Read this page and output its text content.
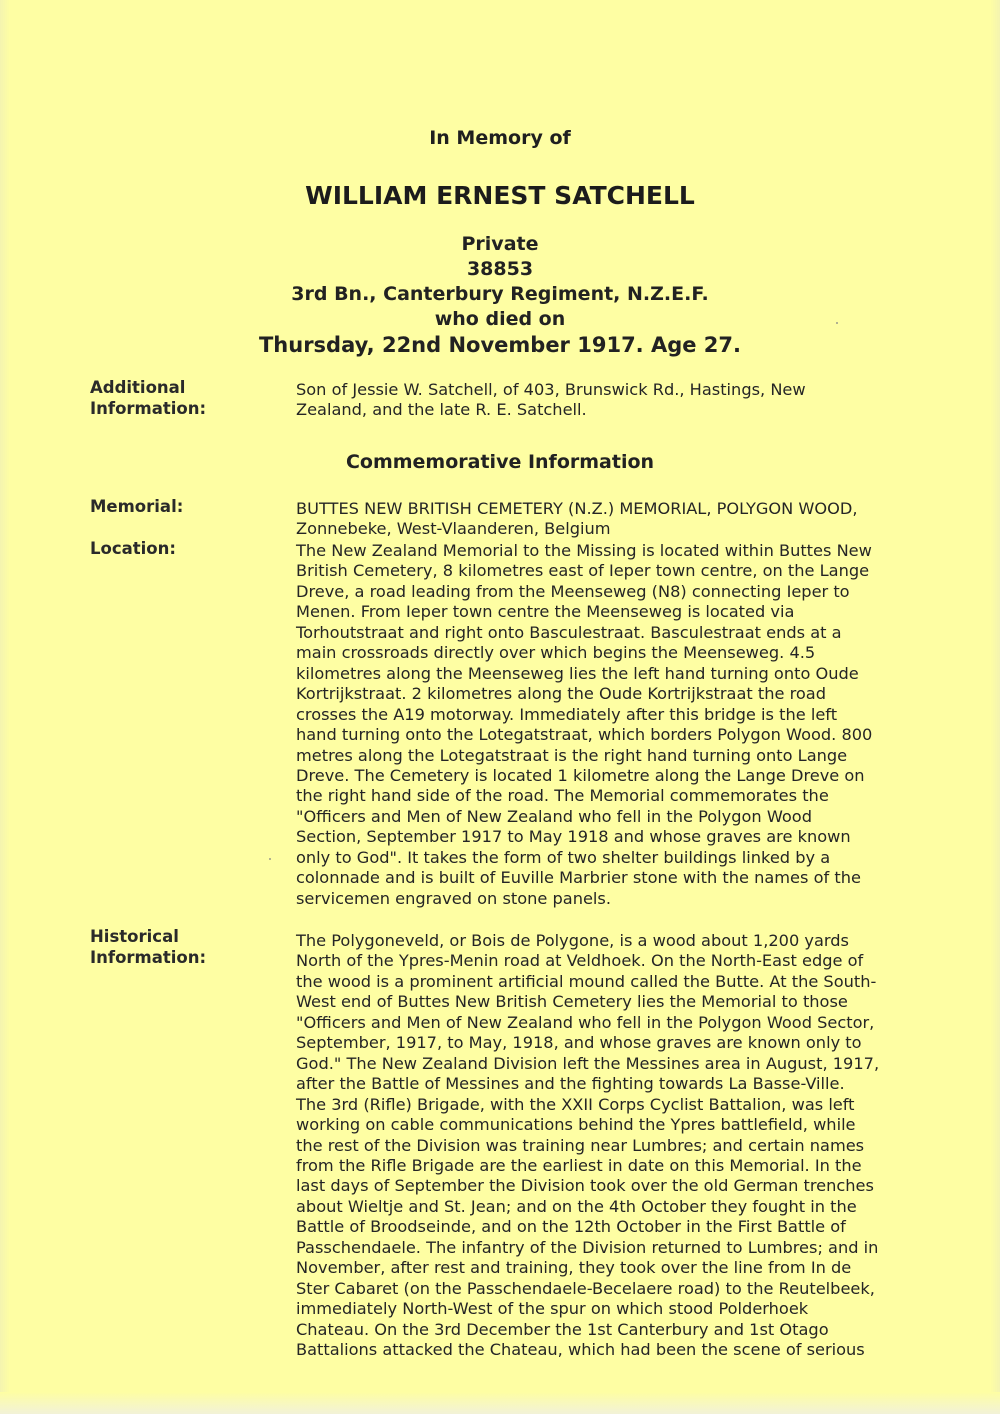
In Memory of

WILLIAM ERNEST SATCHELL

Private
38853
3rd Bn., Canterbury Regiment, N.Z.E.F.
who died on
Thursday, 22nd November 1917. Age 27.
Additional
Information:
Son of Jessie W. Satchell, of 403, Brunswick Rd., Hastings, New
Zealand, and the late R. E. Satchell.
Commemorative Information
Memorial:	BUTTES NEW BRITISH CEMETERY (N.Z.) MEMORIAL, POLYGON WOOD,
Zonnebeke, West-Vlaanderen, Belgium
Location:	The New Zealand Memorial to the Missing is located within Buttes New
British Cemetery, 8 kilometres east of Ieper town centre, on the Lange
Dreve, a road leading from the Meenseweg (N8) connecting Ieper to
Menen. From Ieper town centre the Meenseweg is located via
Torhoutstraat and right onto Basculestraat. Basculestraat ends at a
main crossroads directly over which begins the Meenseweg. 4.5
kilometres along the Meenseweg lies the left hand turning onto Oude
Kortrijkstraat. 2 kilometres along the Oude Kortrijkstraat the road
crosses the A19 motorway. Immediately after this bridge is the left
hand turning onto the Lotegatstraat, which borders Polygon Wood. 800
metres along the Lotegatstraat is the right hand turning onto Lange
Dreve. The Cemetery is located 1 kilometre along the Lange Dreve on
the right hand side of the road. The Memorial commemorates the
"Officers and Men of New Zealand who fell in the Polygon Wood
Section, September 1917 to May 1918 and whose graves are known
only to God". It takes the form of two shelter buildings linked by a
colonnade and is built of Euville Marbrier stone with the names of the
servicemen engraved on stone panels.
Historical
Information:
The Polygoneveld, or Bois de Polygone, is a wood about 1,200 yards
North of the Ypres-Menin road at Veldhoek. On the North-East edge of
the wood is a prominent artificial mound called the Butte. At the South-
West end of Buttes New British Cemetery lies the Memorial to those
"Officers and Men of New Zealand who fell in the Polygon Wood Sector,
September, 1917, to May, 1918, and whose graves are known only to
God." The New Zealand Division left the Messines area in August, 1917,
after the Battle of Messines and the fighting towards La Basse-Ville.
The 3rd (Rifle) Brigade, with the XXII Corps Cyclist Battalion, was left
working on cable communications behind the Ypres battlefield, while
the rest of the Division was training near Lumbres; and certain names
from the Rifle Brigade are the earliest in date on this Memorial. In the
last days of September the Division took over the old German trenches
about Wieltje and St. Jean; and on the 4th October they fought in the
Battle of Broodseinde, and on the 12th October in the First Battle of
Passchendaele. The infantry of the Division returned to Lumbres; and in
November, after rest and training, they took over the line from In de
Ster Cabaret (on the Passchendaele-Becelaere road) to the Reutelbeek,
immediately North-West of the spur on which stood Polderhoek
Chateau. On the 3rd December the 1st Canterbury and 1st Otago
Battalions attacked the Chateau, which had been the scene of serious
